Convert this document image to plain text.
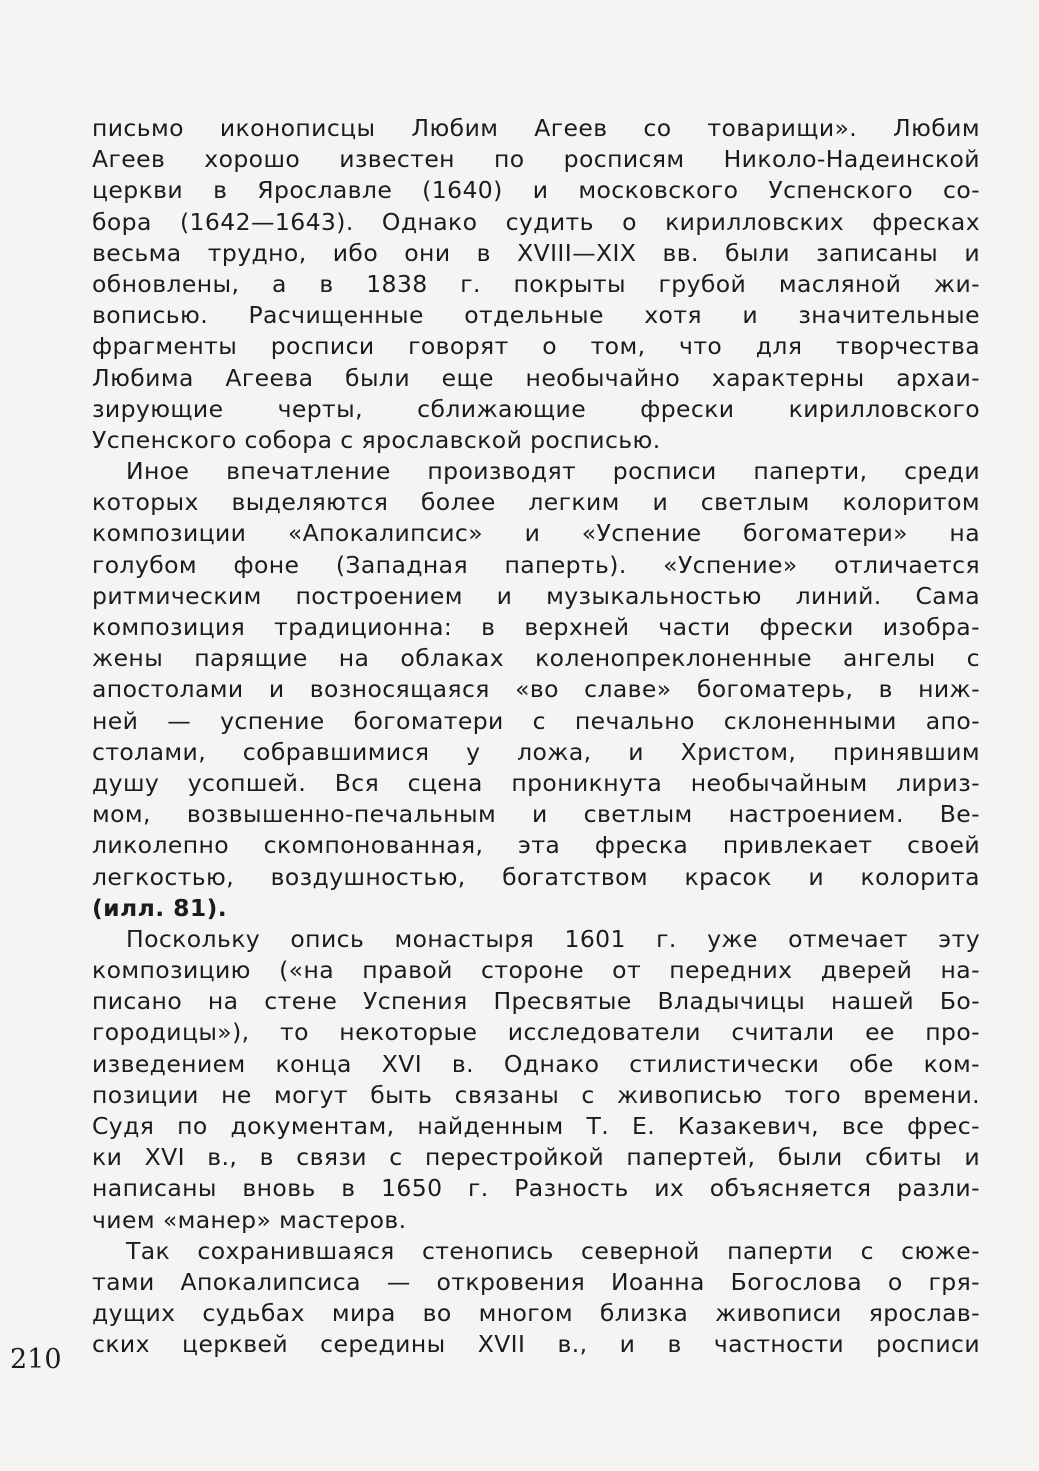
письмо иконописцы Любим Агеев со товарищи». Любим
Агеев хорошо известен по росписям Николо-Надеинской
церкви в Ярославле (1640) и московского Успенского со-
бора (1642—1643). Однако судить о кирилловских фресках
весьма трудно, ибо они в XVIII—XIX вв. были записаны и
обновлены, а в 1838 г. покрыты грубой масляной жи-
вописью. Расчищенные отдельные хотя и значительные
фрагменты росписи говорят о том, что для творчества
Любима Агеева были еще необычайно характерны архаи-
зирующие черты, сближающие фрески кирилловского
Успенского собора с ярославской росписью.
Иное впечатление производят росписи паперти, среди
которых выделяются более легким и светлым колоритом
композиции «Апокалипсис» и «Успение богоматери» на
голубом фоне (Западная паперть). «Успение» отличается
ритмическим построением и музыкальностью линий. Сама
композиция традиционна: в верхней части фрески изобра-
жены парящие на облаках коленопреклоненные ангелы с
апостолами и возносящаяся «во славе» богоматерь, в ниж-
ней — успение богоматери с печально склоненными апо-
столами, собравшимися у ложа, и Христом, принявшим
душу усопшей. Вся сцена проникнута необычайным лириз-
мом, возвышенно-печальным и светлым настроением. Ве-
ликолепно скомпонованная, эта фреска привлекает своей
легкостью, воздушностью, богатством красок и колорита
(илл. 81).
Поскольку опись монастыря 1601 г. уже отмечает эту
композицию («на правой стороне от передних дверей на-
писано на стене Успения Пресвятые Владычицы нашей Бо-
городицы»), то некоторые исследователи считали ее про-
изведением конца XVI в. Однако стилистически обе ком-
позиции не могут быть связаны с живописью того времени.
Судя по документам, найденным Т. Е. Казакевич, все фрес-
ки XVI в., в связи с перестройкой папертей, были сбиты и
написаны вновь в 1650 г. Разность их объясняется разли-
чием «манер» мастеров.
Так сохранившаяся стенопись северной паперти с сюже-
тами Апокалипсиса — откровения Иоанна Богослова о гря-
дущих судьбах мира во многом близка живописи ярослав-
ских церквей середины XVII в., и в частности росписи
210
